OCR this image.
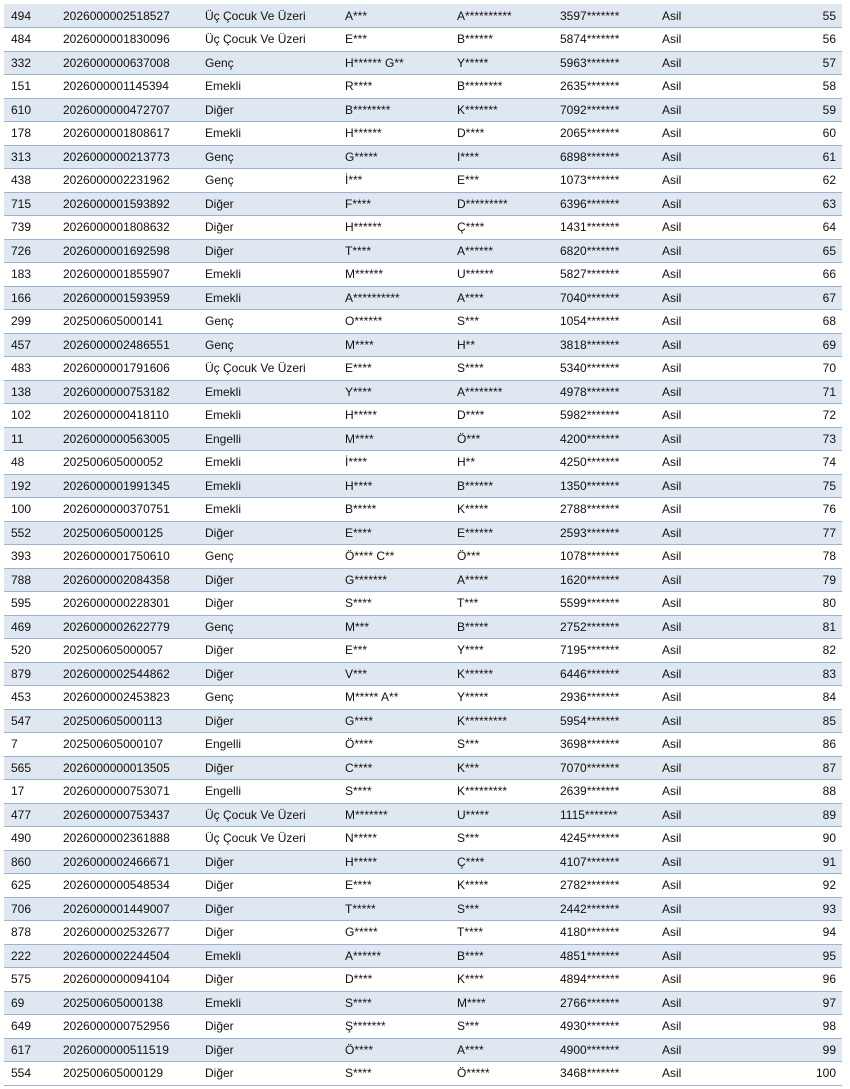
494	2026000002518527	Üç Çocuk Ve Üzeri	A***	A**********	3597*******	Asil	55
484	2026000001830096	Üç Çocuk Ve Üzeri	E***	B******	5874*******	Asil	56
332	2026000000637008	Genç	H****** G**	Y*****	5963*******	Asil	57
151	2026000001145394	Emekli	R****	B********	2635*******	Asil	58
610	2026000000472707	Diğer	B********	K*******	7092*******	Asil	59
178	2026000001808617	Emekli	H******	D****	2065*******	Asil	60
313	2026000000213773	Genç	G*****	I****	6898*******	Asil	61
438	2026000002231962	Genç	İ***	E***	1073*******	Asil	62
715	2026000001593892	Diğer	F****	D*********	6396*******	Asil	63
739	2026000001808632	Diğer	H******	Ç****	1431*******	Asil	64
726	2026000001692598	Diğer	T****	A******	6820*******	Asil	65
183	2026000001855907	Emekli	M******	U******	5827*******	Asil	66
166	2026000001593959	Emekli	A**********	A****	7040*******	Asil	67
299	202500605000141	Genç	O******	S***	1054*******	Asil	68
457	2026000002486551	Genç	M****	H**	3818*******	Asil	69
483	2026000001791606	Üç Çocuk Ve Üzeri	E****	S****	5340*******	Asil	70
138	2026000000753182	Emekli	Y****	A********	4978*******	Asil	71
102	2026000000418110	Emekli	H*****	D****	5982*******	Asil	72
11	2026000000563005	Engelli	M****	Ö***	4200*******	Asil	73
48	202500605000052	Emekli	İ****	H**	4250*******	Asil	74
192	2026000001991345	Emekli	H****	B******	1350*******	Asil	75
100	2026000000370751	Emekli	B*****	K*****	2788*******	Asil	76
552	202500605000125	Diğer	E****	E******	2593*******	Asil	77
393	2026000001750610	Genç	Ö**** C**	Ö***	1078*******	Asil	78
788	2026000002084358	Diğer	G*******	A*****	1620*******	Asil	79
595	2026000000228301	Diğer	S****	T***	5599*******	Asil	80
469	2026000002622779	Genç	M***	B*****	2752*******	Asil	81
520	202500605000057	Diğer	E***	Y****	7195*******	Asil	82
879	2026000002544862	Diğer	V***	K******	6446*******	Asil	83
453	2026000002453823	Genç	M***** A**	Y*****	2936*******	Asil	84
547	202500605000113	Diğer	G****	K*********	5954*******	Asil	85
7	202500605000107	Engelli	Ö****	S***	3698*******	Asil	86
565	2026000000013505	Diğer	C****	K***	7070*******	Asil	87
17	2026000000753071	Engelli	S****	K*********	2639*******	Asil	88
477	2026000000753437	Üç Çocuk Ve Üzeri	M*******	U*****	1115*******	Asil	89
490	2026000002361888	Üç Çocuk Ve Üzeri	N*****	S***	4245*******	Asil	90
860	2026000002466671	Diğer	H*****	Ç****	4107*******	Asil	91
625	2026000000548534	Diğer	E****	K*****	2782*******	Asil	92
706	2026000001449007	Diğer	T*****	S***	2442*******	Asil	93
878	2026000002532677	Diğer	G*****	T****	4180*******	Asil	94
222	2026000002244504	Emekli	A******	B****	4851*******	Asil	95
575	2026000000094104	Diğer	D****	K****	4894*******	Asil	96
69	202500605000138	Emekli	S****	M****	2766*******	Asil	97
649	2026000000752956	Diğer	Ş*******	S***	4930*******	Asil	98
617	2026000000511519	Diğer	Ö****	A****	4900*******	Asil	99
554	202500605000129	Diğer	S****	Ö*****	3468*******	Asil	100
